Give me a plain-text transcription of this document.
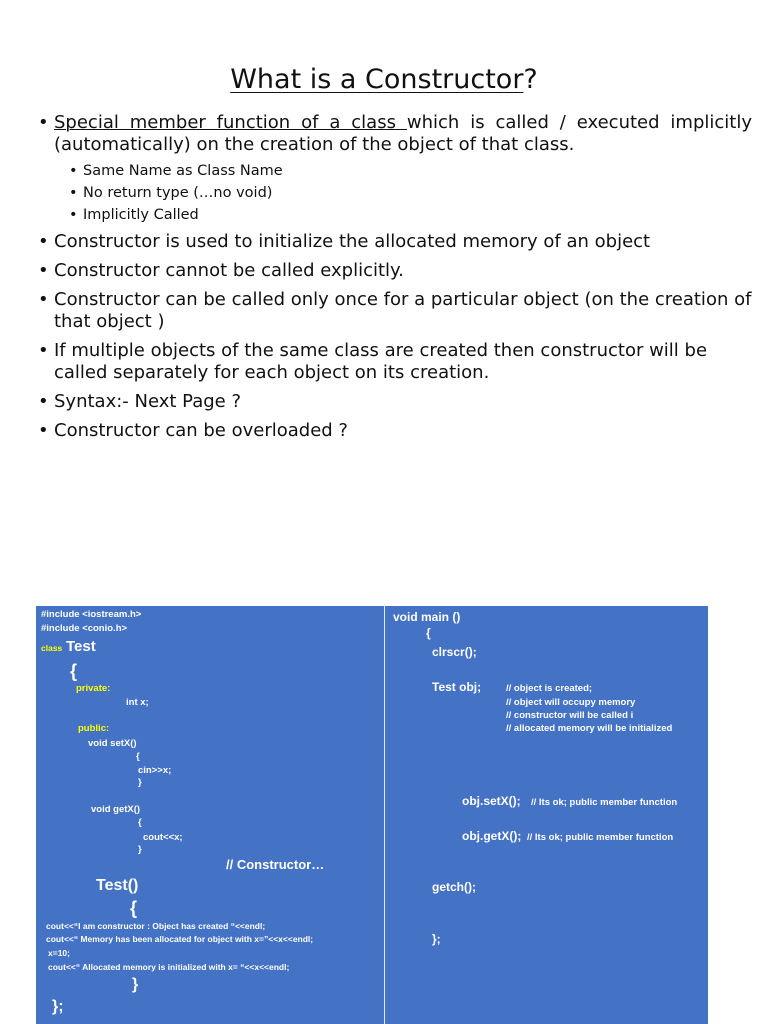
What is a Constructor?
• Special member function of a class which is called / executed implicitly (automatically) on the creation of the object of that class.
• Same Name as Class Name
• No return type (…no void)
• Implicitly Called
• Constructor is used to initialize the allocated memory of an object
• Constructor cannot be called explicitly.
• Constructor can be called only once for a particular object (on the creation of that object )
• If multiple objects of the same class are created then constructor will be called separately for each object on its creation.
• Syntax:- Next Page ?
• Constructor can be overloaded ?
#include <iostream.h>
#include <conio.h>
class Test
{
private:
int x;
public:
void setX()
{
cin>>x;
}
void getX()
{
cout<<x;
}
// Constructor…
Test()
{
cout<<“I am constructor : Object has created “<<endl;
cout<<“ Memory has been allocated for object with x=”<<x<<endl;
x=10;
cout<<“ Allocated memory is initialized with x= “<<x<<endl;
}
};
void main ()
{
clrscr();
Test obj;	// object is created;
// object will occupy memory
// constructor will be called i
// allocated memory will be initialized
obj.setX(); // Its ok; public member function
obj.getX(); // Its ok; public member function
getch();
};
